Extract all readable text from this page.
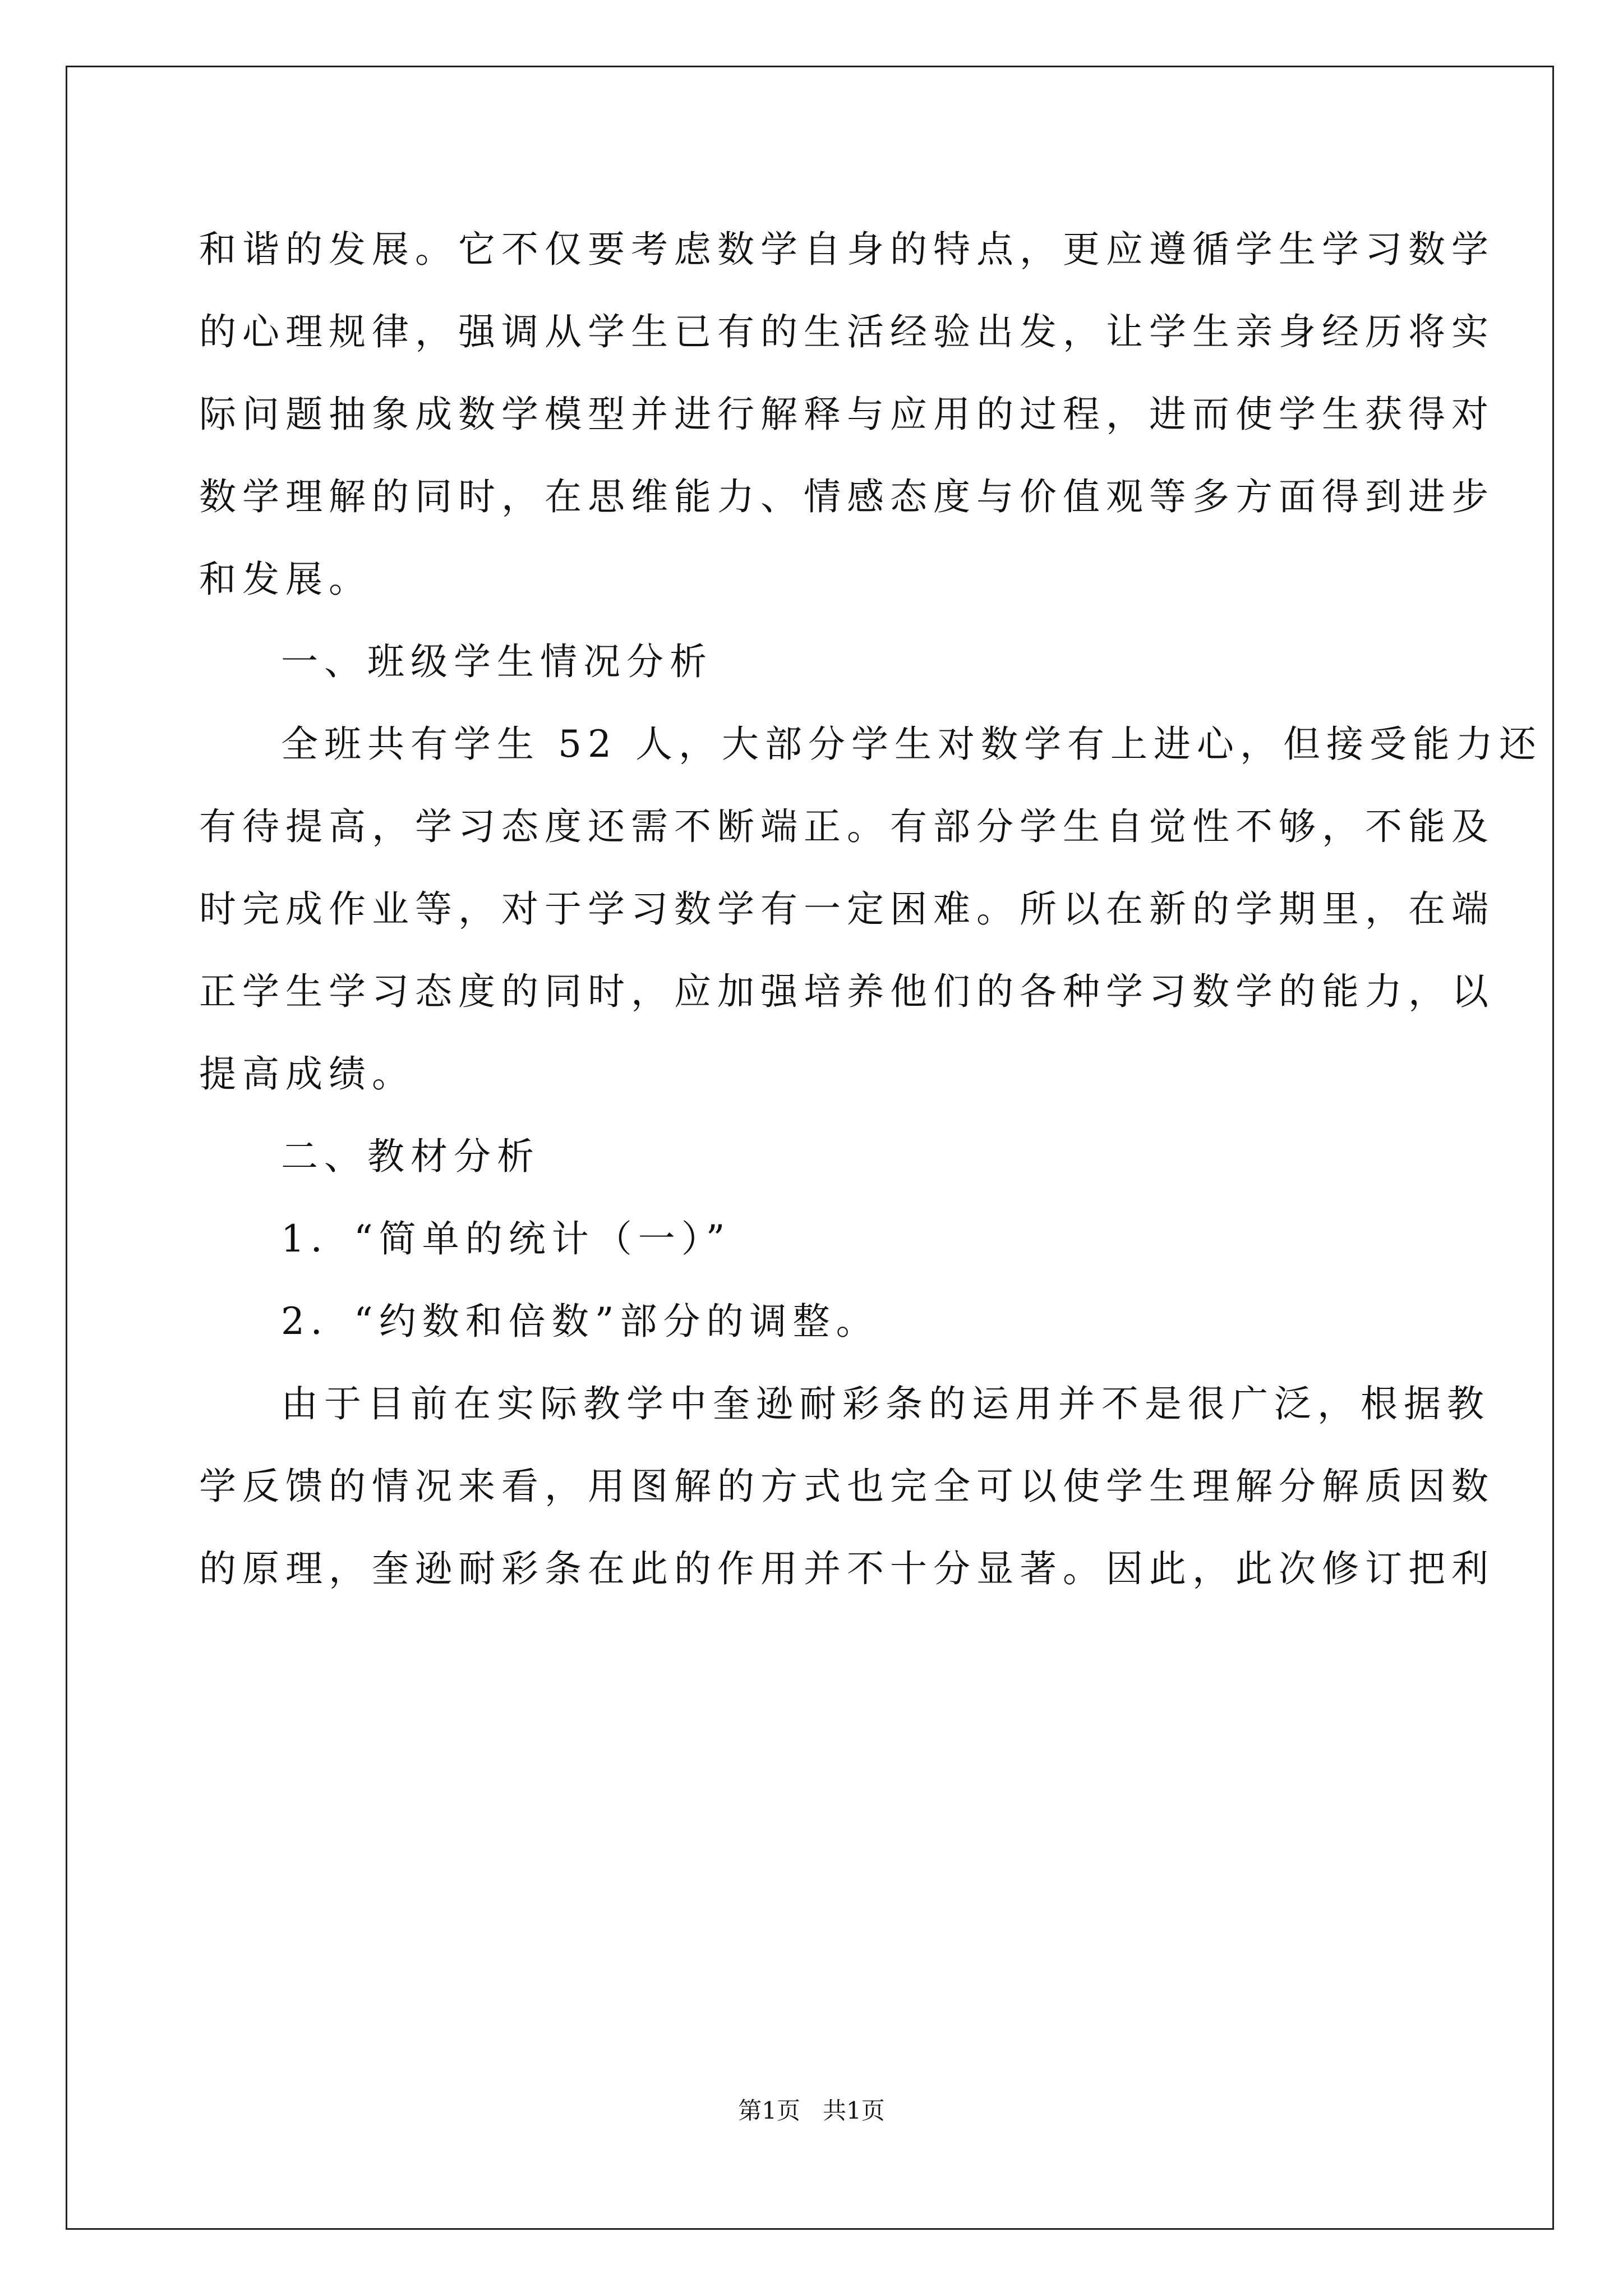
和谐的发展。它不仅要考虑数学自身的特点，更应遵循学生学习数学
的心理规律，强调从学生已有的生活经验出发，让学生亲身经历将实
际问题抽象成数学模型并进行解释与应用的过程，进而使学生获得对
数学理解的同时，在思维能力、情感态度与价值观等多方面得到进步
和发展。
一、班级学生情况分析
全班共有学生 52 人，大部分学生对数学有上进心，但接受能力还
有待提高，学习态度还需不断端正。有部分学生自觉性不够，不能及
时完成作业等，对于学习数学有一定困难。所以在新的学期里，在端
正学生学习态度的同时，应加强培养他们的各种学习数学的能力，以
提高成绩。
二、教材分析
1．“简单的统计（一）”
2．“约数和倍数”部分的调整。
由于目前在实际教学中奎逊耐彩条的运用并不是很广泛，根据教
学反馈的情况来看，用图解的方式也完全可以使学生理解分解质因数
的原理，奎逊耐彩条在此的作用并不十分显著。因此，此次修订把利
第1页   共1页
